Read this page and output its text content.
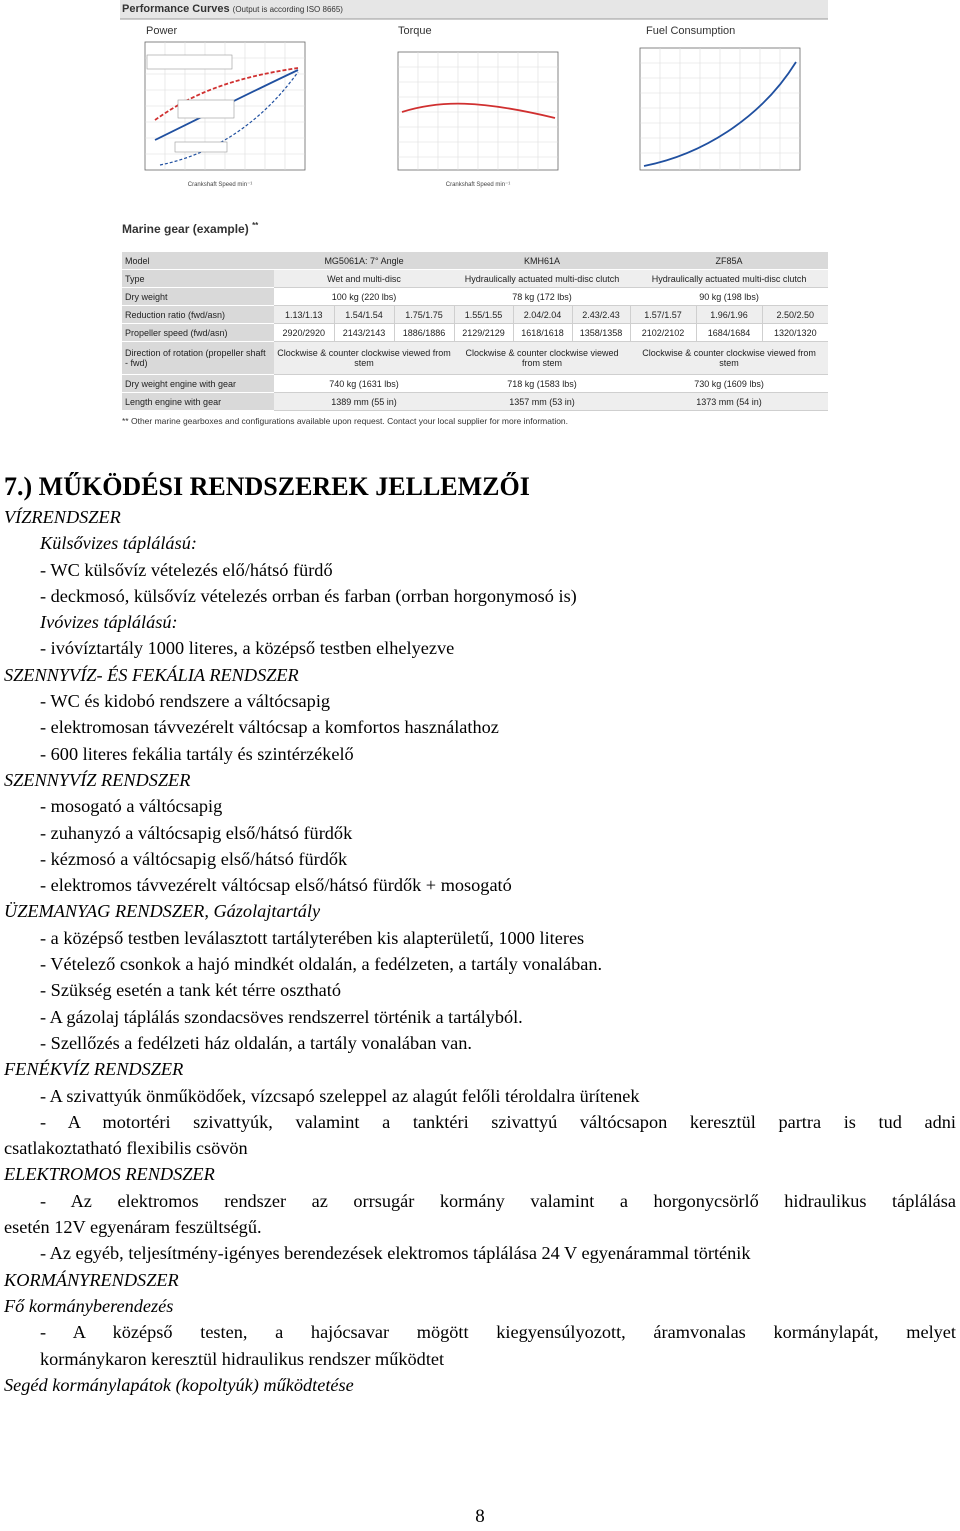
Crankshaft Speed min⁻¹	Crankshaft Speed min⁻¹
Performance Curves (Output is according ISO 8665)
Power	Torque	Fuel Consumption
Marine gear (example) **
Model	MG5061A: 7° Angle			KMH61A			ZF85A		
Type	Wet and multi-disc			Hydraulically actuated multi-disc clutch			Hydraulically actuated multi-disc clutch		
Dry weight	100 kg (220 lbs)			78 kg (172 lbs)			90 kg (198 lbs)		
Reduction ratio (fwd/asn)	1.13/1.13	1.54/1.54	1.75/1.75	1.55/1.55	2.04/2.04	2.43/2.43	1.57/1.57	1.96/1.96	2.50/2.50
Propeller speed (fwd/asn)	2920/2920	2143/2143	1886/1886	2129/2129	1618/1618	1358/1358	2102/2102	1684/1684	1320/1320
Direction of rotation (propeller shaft - fwd)	Clockwise & counter clockwise viewed from stem			Clockwise & counter clockwise viewed from stem			Clockwise & counter clockwise viewed from stem		
Dry weight engine with gear	740 kg (1631 lbs)			718 kg (1583 lbs)			730 kg (1609 lbs)		
Length engine with gear	1389 mm (55 in)			1357 mm (53 in)			1373 mm (54 in)		
** Other marine gearboxes and configurations available upon request. Contact your local supplier for more information.
7.) MŰKÖDÉSI RENDSZEREK JELLEMZŐI
VÍZRENDSZER
Külsővizes táplálású:
- WC külsővíz vételezés elő/hátsó fürdő
- deckmosó, külsővíz vételezés orrban és farban (orrban horgonymosó is)
Ivóvizes táplálású:
- ivóvíztartály 1000 literes, a középső testben elhelyezve
SZENNYVÍZ- ÉS FEKÁLIA RENDSZER
- WC és kidobó rendszere a váltócsapig
- elektromosan távvezérelt váltócsap a komfortos használathoz
- 600 literes fekália tartály és szintérzékelő
SZENNYVÍZ RENDSZER
- mosogató a váltócsapig
- zuhanyzó a váltócsapig első/hátsó fürdők
- kézmosó a váltócsapig első/hátsó fürdők
- elektromos távvezérelt váltócsap első/hátsó fürdők + mosogató
ÜZEMANYAG RENDSZER, Gázolajtartály
- a középső testben leválasztott tartályterében kis alapterületű, 1000 literes
- Vételező csonkok a hajó mindkét oldalán, a fedélzeten, a tartály vonalában.
- Szükség esetén a tank két térre osztható
- A gázolaj táplálás szondacsöves rendszerrel történik a tartályból.
- Szellőzés a fedélzeti ház oldalán, a tartály vonalában van.
FENÉKVÍZ RENDSZER
- A szivattyúk önműködőek, vízcsapó szeleppel az alagút felőli téroldalra ürítenek
- A motortéri szivattyúk, valamint a tanktéri szivattyú váltócsapon keresztül partra is tud adni
csatlakoztatható flexibilis csövön
ELEKTROMOS RENDSZER
- Az elektromos rendszer az orrsugár kormány valamint a horgonycsörlő hidraulikus táplálása
esetén 12V egyenáram feszültségű.
- Az egyéb, teljesítmény-igényes berendezések elektromos táplálása 24 V egyenárammal történik
KORMÁNYRENDSZER
Fő kormányberendezés
- A középső testen, a hajócsavar mögött kiegyensúlyozott, áramvonalas kormánylapát, melyet
kormánykaron keresztül hidraulikus rendszer működtet
Segéd kormánylapátok (kopoltyúk) működtetése
8
